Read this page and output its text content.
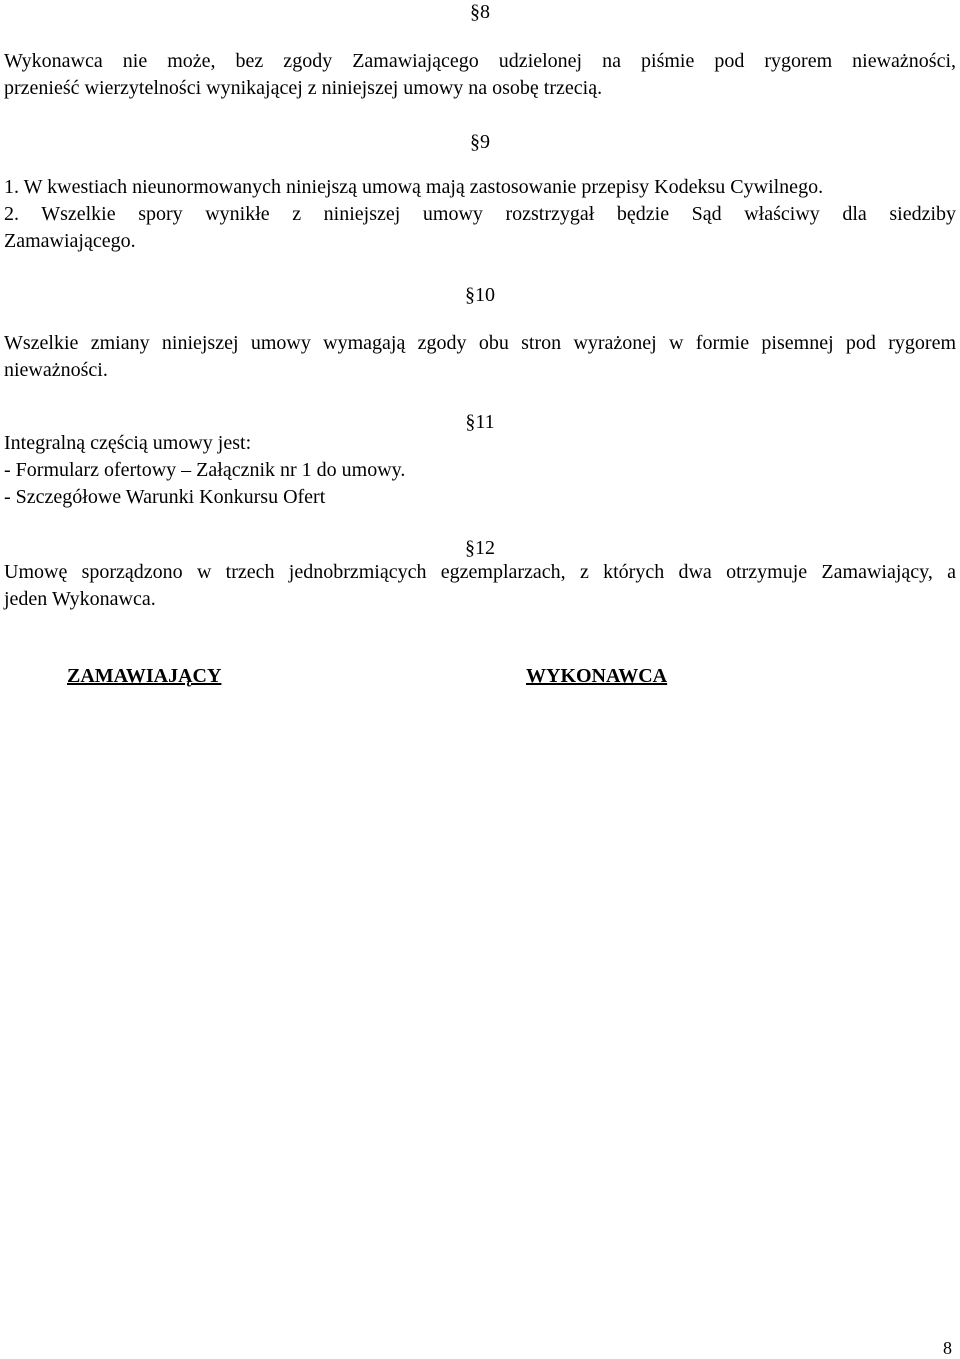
§8
Wykonawca nie może, bez zgody Zamawiającego udzielonej na piśmie pod rygorem nieważności,
przenieść wierzytelności wynikającej z niniejszej umowy na osobę trzecią.
§9
1. W kwestiach nieunormowanych niniejszą umową mają zastosowanie przepisy Kodeksu Cywilnego.
2. Wszelkie spory wynikłe z niniejszej umowy rozstrzygał będzie Sąd właściwy dla siedziby
Zamawiającego.
§10
Wszelkie zmiany niniejszej umowy wymagają zgody obu stron wyrażonej w formie pisemnej pod rygorem
nieważności.
§11
Integralną częścią umowy jest:
- Formularz ofertowy – Załącznik nr 1 do umowy.
- Szczegółowe Warunki Konkursu Ofert
§12
Umowę sporządzono w trzech jednobrzmiących egzemplarzach, z których dwa otrzymuje Zamawiający, a
jeden Wykonawca.
ZAMAWIAJĄCY	WYKONAWCA
8
